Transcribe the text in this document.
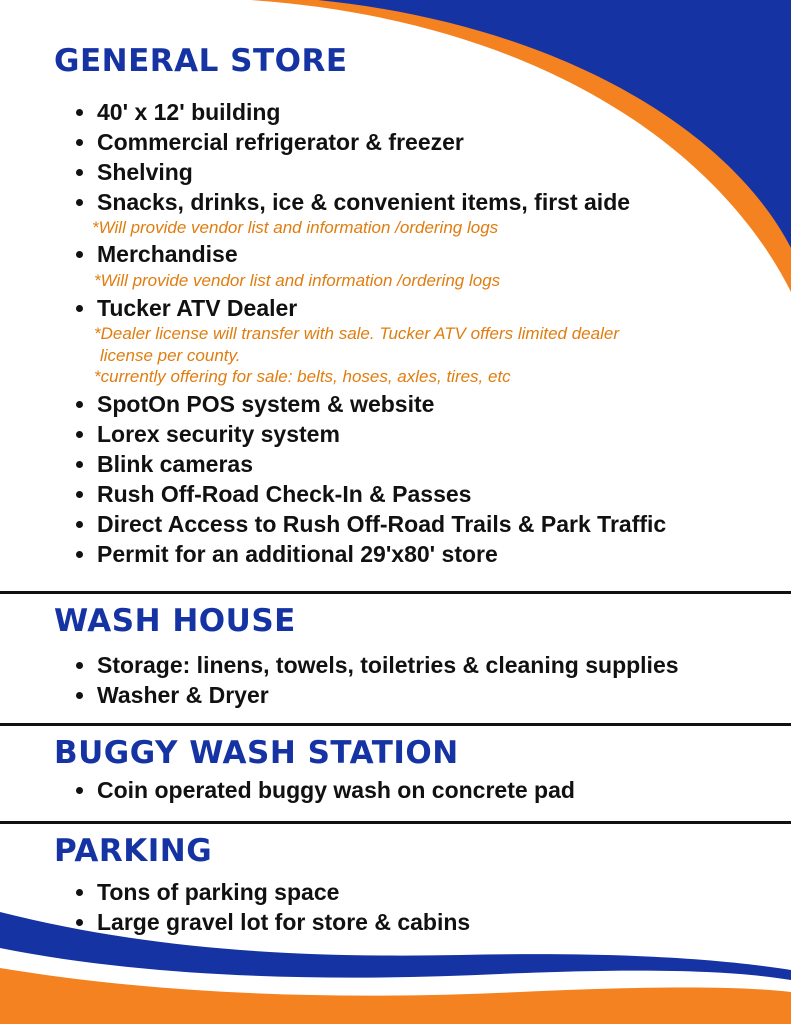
GENERAL STORE
40' x 12' building
Commercial refrigerator & freezer
Shelving
Snacks, drinks, ice & convenient items, first aide
*Will provide vendor list and information /ordering logs
Merchandise
*Will provide vendor list and information /ordering logs
Tucker ATV Dealer
*Dealer license will transfer with sale. Tucker ATV offers limited dealer
license per county.
*currently offering for sale: belts, hoses, axles, tires, etc
SpotOn POS system & website
Lorex security system
Blink cameras
Rush Off-Road Check-In & Passes
Direct Access to Rush Off-Road Trails & Park Traffic
Permit for an additional 29'x80' store
WASH HOUSE
Storage: linens, towels, toiletries & cleaning supplies
Washer & Dryer
BUGGY WASH STATION
Coin operated buggy wash on concrete pad
PARKING
Tons of parking space
Large gravel lot for store & cabins
